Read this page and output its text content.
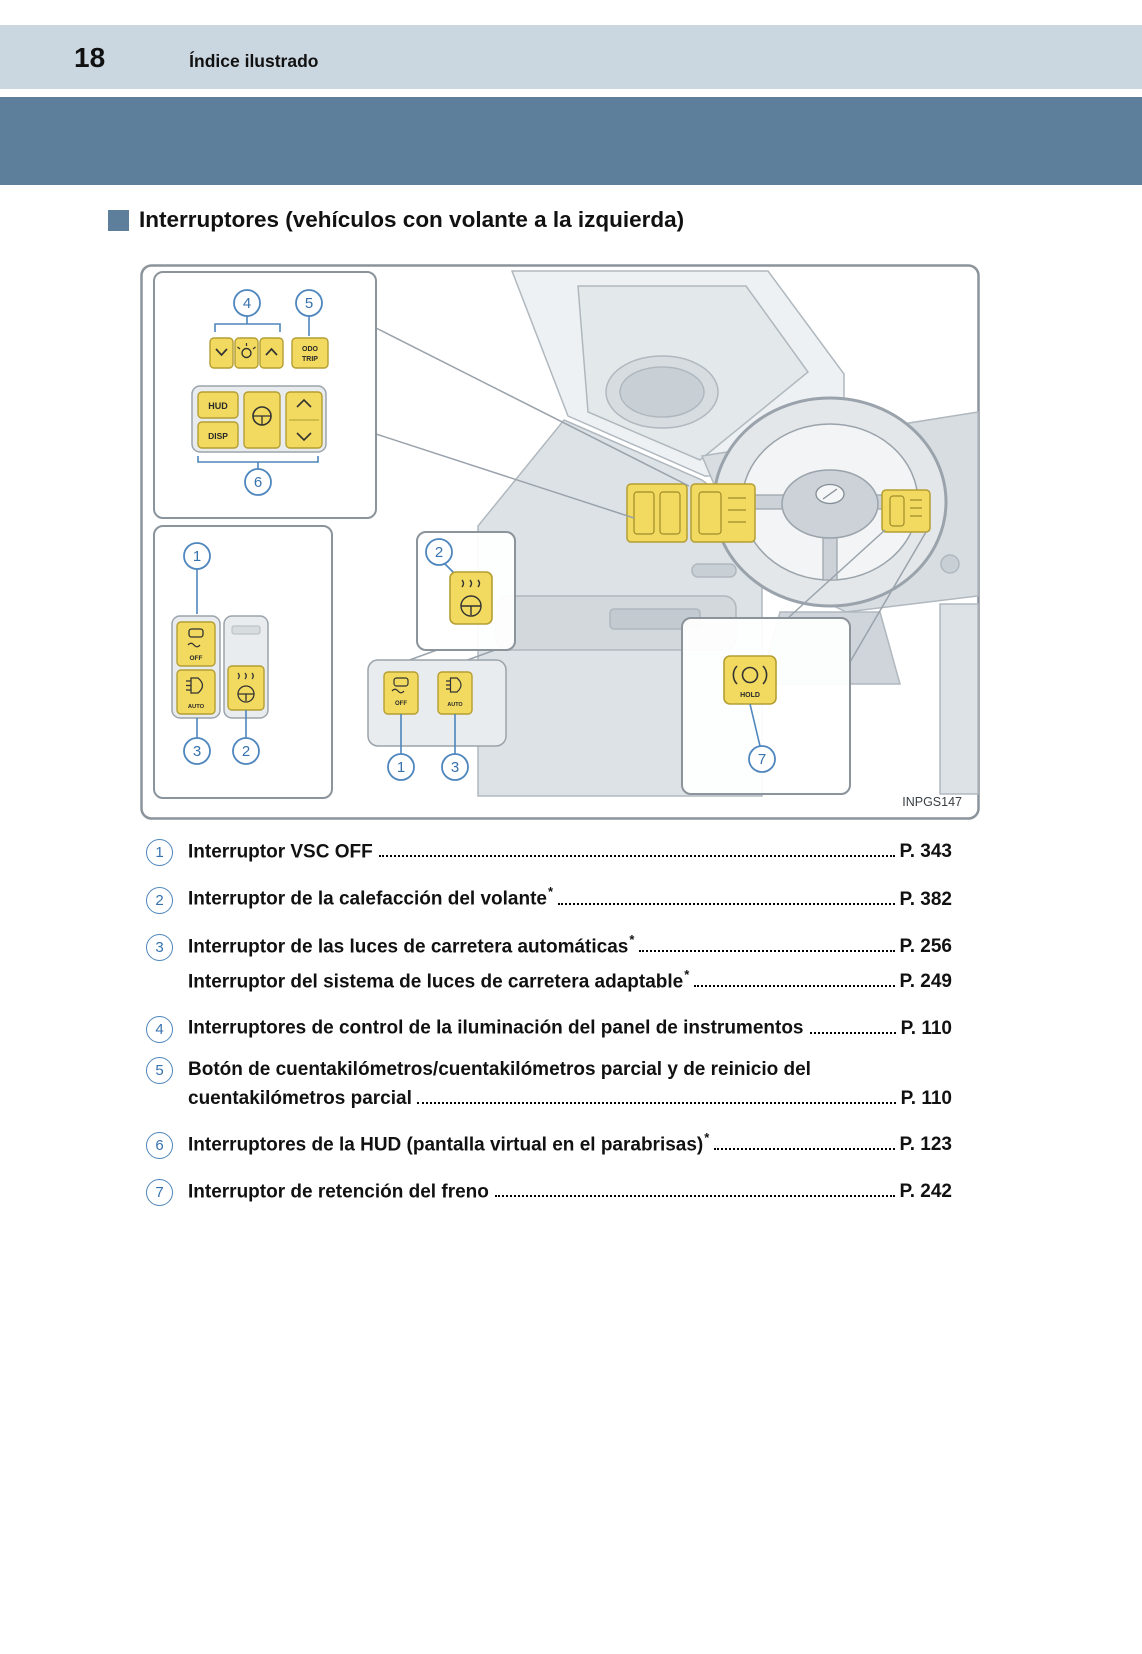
18	Índice ilustrado
Interruptores (vehículos con volante a la izquierda)
ODO
TRIP
HUD
DISP
OFF
AUTO	OFF	AUTO
HOLD
4	5
6
1
3	2
2
1	3	7
INPGS147
1	Interruptor VSC OFF	P. 343
2	Interruptor de la calefacción del volante*	P. 382
3	Interruptor de las luces de carretera automáticas*	P. 256
Interruptor del sistema de luces de carretera adaptable*	P. 249
4	Interruptores de control de la iluminación del panel de instrumentos	P. 110
5	Botón de cuentakilómetros/cuentakilómetros parcial y de reinicio del
cuentakilómetros parcial	P. 110
6	Interruptores de la HUD (pantalla virtual en el parabrisas)*	P. 123
7	Interruptor de retención del freno	P. 242
